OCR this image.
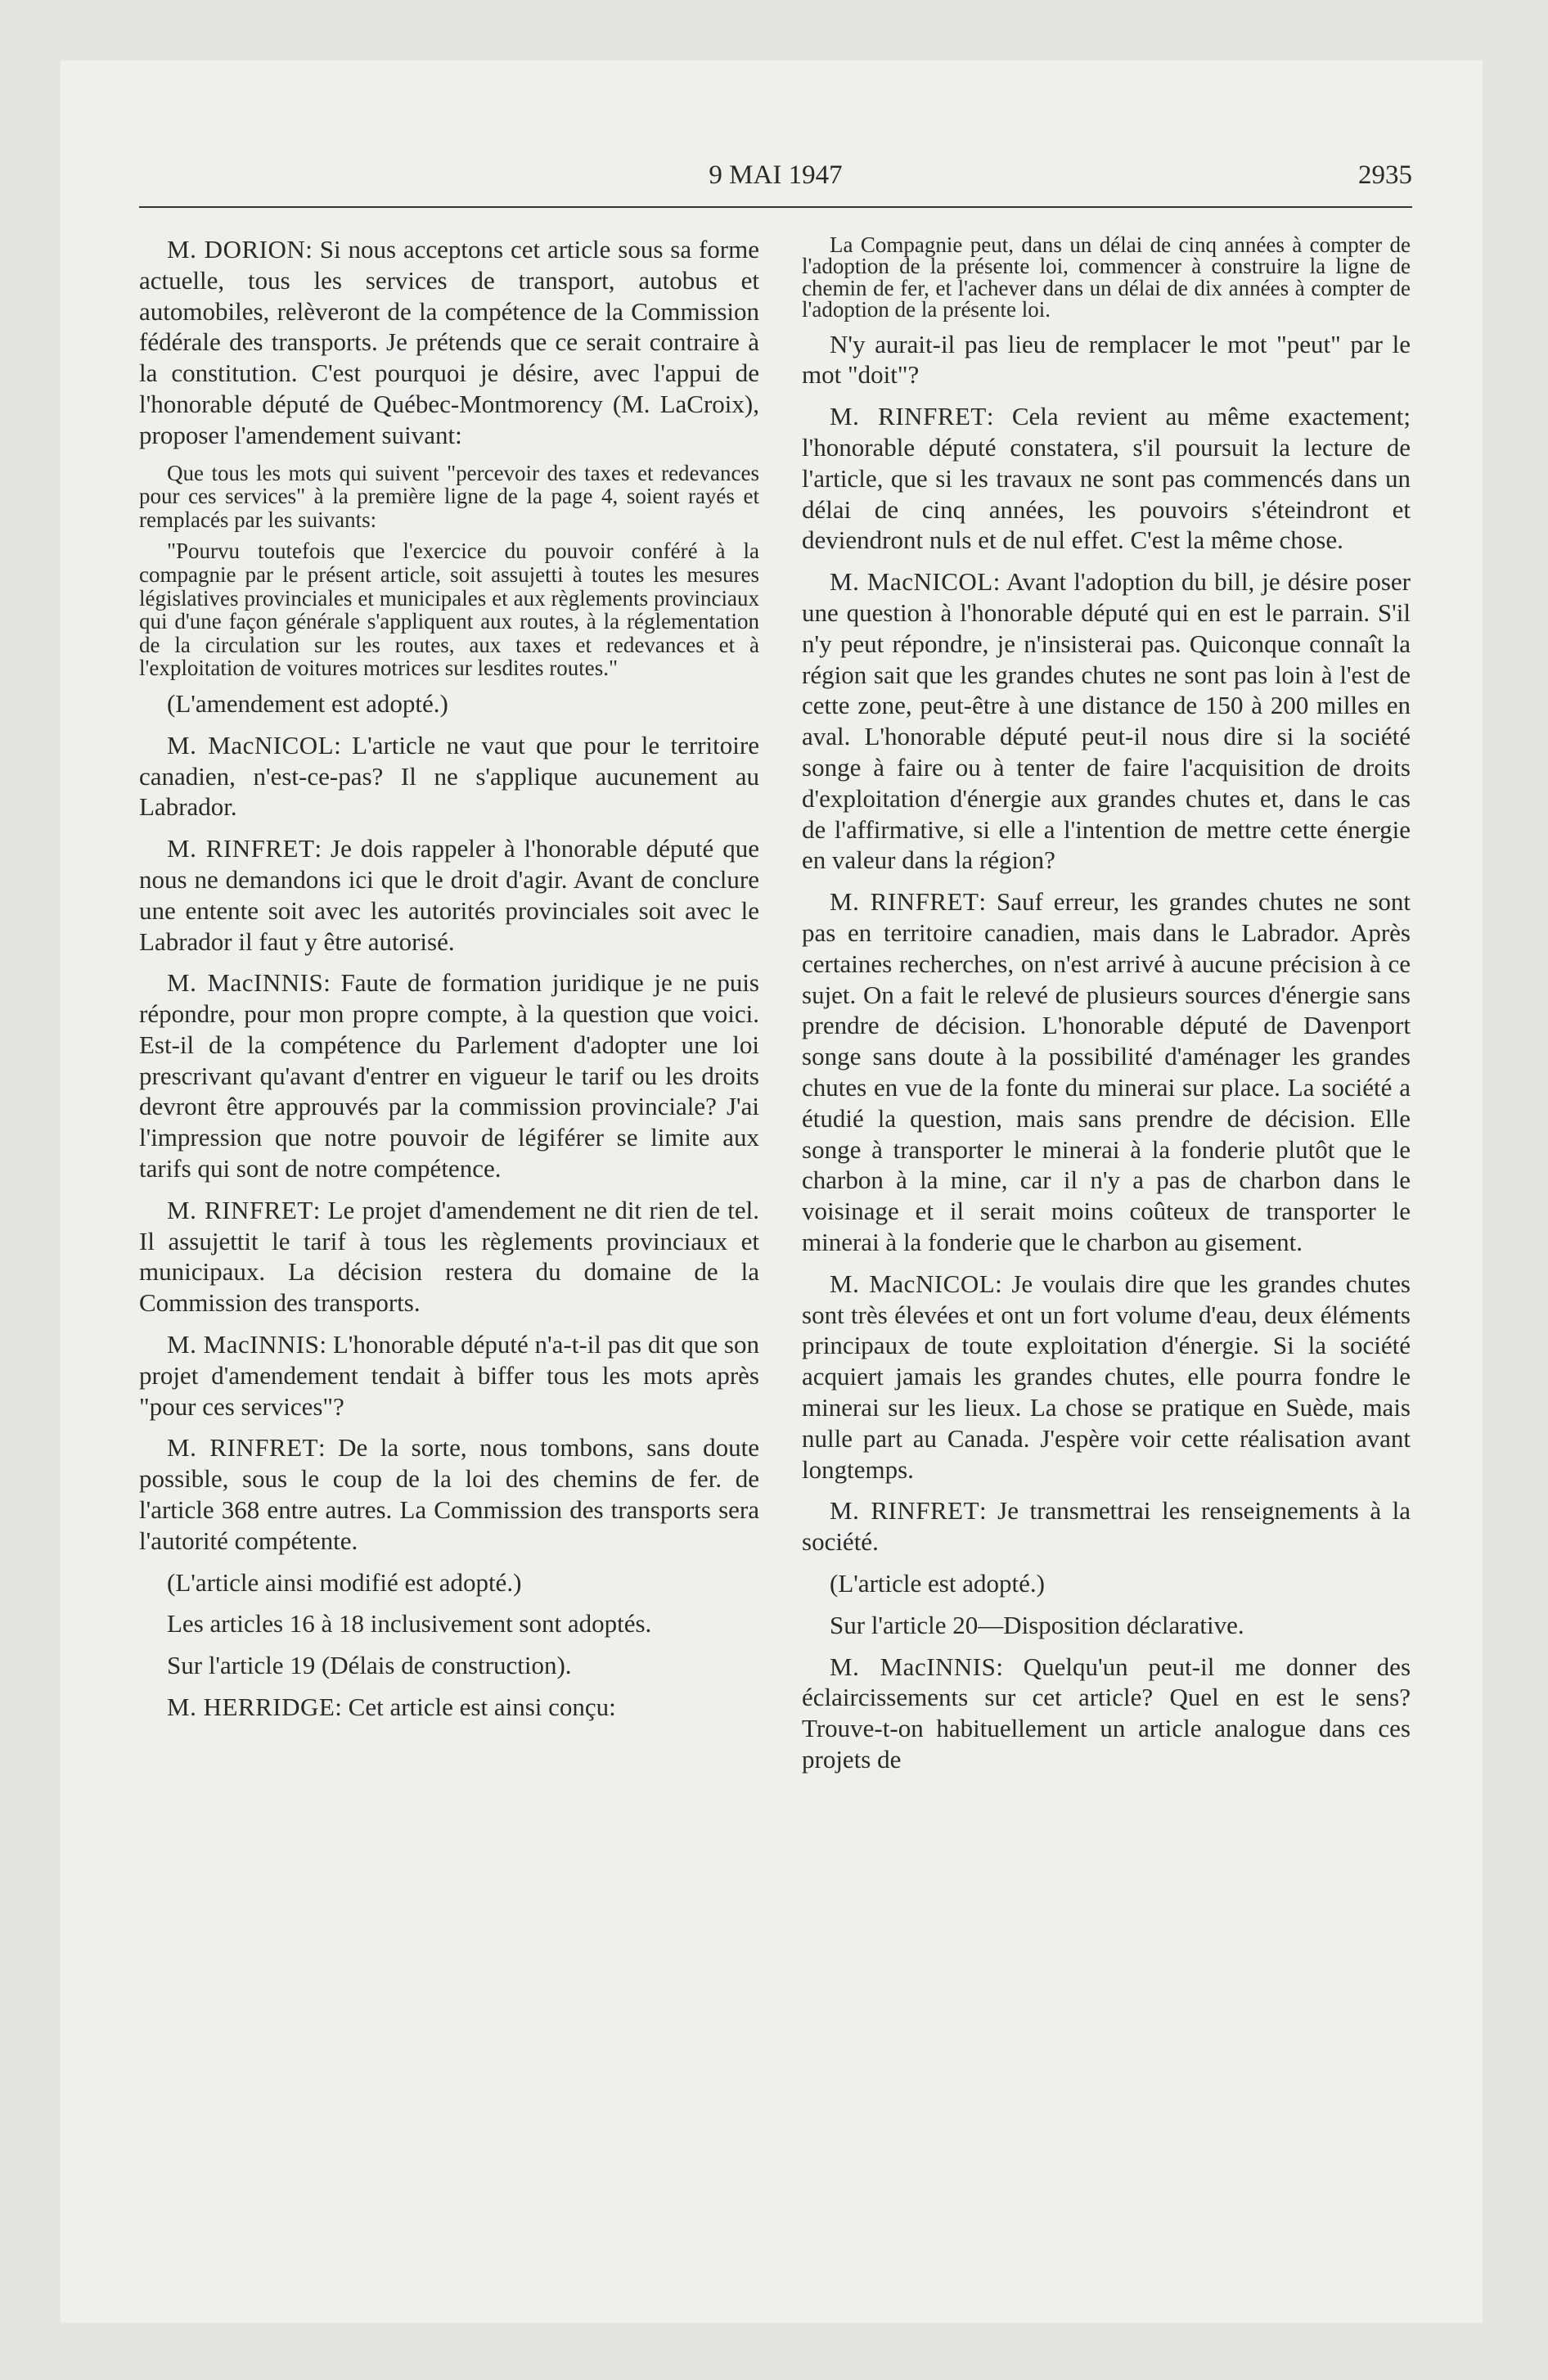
9 MAI 1947	2935

M. DORION: Si nous acceptons cet article sous sa forme actuelle, tous les services de transport, autobus et automobiles, relèveront de la compétence de la Commission fédérale des transports. Je prétends que ce serait contraire à la constitution. C'est pourquoi je désire, avec l'appui de l'honorable député de Québec-Montmorency (M. LaCroix), proposer l'amendement suivant:

Que tous les mots qui suivent "percevoir des taxes et redevances pour ces services" à la première ligne de la page 4, soient rayés et remplacés par les suivants:

"Pourvu toutefois que l'exercice du pouvoir conféré à la compagnie par le présent article, soit assujetti à toutes les mesures législatives provinciales et municipales et aux règlements provinciaux qui d'une façon générale s'appliquent aux routes, à la réglementation de la circulation sur les routes, aux taxes et redevances et à l'exploitation de voitures motrices sur lesdites routes."

(L'amendement est adopté.)

M. MacNICOL: L'article ne vaut que pour le territoire canadien, n'est-ce-pas? Il ne s'applique aucunement au Labrador.

M. RINFRET: Je dois rappeler à l'honorable député que nous ne demandons ici que le droit d'agir. Avant de conclure une entente soit avec les autorités provinciales soit avec le Labrador il faut y être autorisé.

M. MacINNIS: Faute de formation juridique je ne puis répondre, pour mon propre compte, à la question que voici. Est-il de la compétence du Parlement d'adopter une loi prescrivant qu'avant d'entrer en vigueur le tarif ou les droits devront être approuvés par la commission provinciale? J'ai l'impression que notre pouvoir de légiférer se limite aux tarifs qui sont de notre compétence.

M. RINFRET: Le projet d'amendement ne dit rien de tel. Il assujettit le tarif à tous les règlements provinciaux et municipaux. La décision restera du domaine de la Commission des transports.

M. MacINNIS: L'honorable député n'a-t-il pas dit que son projet d'amendement tendait à biffer tous les mots après "pour ces services"?

M. RINFRET: De la sorte, nous tombons, sans doute possible, sous le coup de la loi des chemins de fer. de l'article 368 entre autres. La Commission des transports sera l'autorité compétente.

(L'article ainsi modifié est adopté.)

Les articles 16 à 18 inclusivement sont adoptés.

Sur l'article 19 (Délais de construction).

M. HERRIDGE: Cet article est ainsi conçu:

La Compagnie peut, dans un délai de cinq années à compter de l'adoption de la présente loi, commencer à construire la ligne de chemin de fer, et l'achever dans un délai de dix années à compter de l'adoption de la présente loi.

N'y aurait-il pas lieu de remplacer le mot "peut" par le mot "doit"?

M. RINFRET: Cela revient au même exactement; l'honorable député constatera, s'il poursuit la lecture de l'article, que si les travaux ne sont pas commencés dans un délai de cinq années, les pouvoirs s'éteindront et deviendront nuls et de nul effet. C'est la même chose.

M. MacNICOL: Avant l'adoption du bill, je désire poser une question à l'honorable député qui en est le parrain. S'il n'y peut répondre, je n'insisterai pas. Quiconque connaît la région sait que les grandes chutes ne sont pas loin à l'est de cette zone, peut-être à une distance de 150 à 200 milles en aval. L'honorable député peut-il nous dire si la société songe à faire ou à tenter de faire l'acquisition de droits d'exploitation d'énergie aux grandes chutes et, dans le cas de l'affirmative, si elle a l'intention de mettre cette énergie en valeur dans la région?

M. RINFRET: Sauf erreur, les grandes chutes ne sont pas en territoire canadien, mais dans le Labrador. Après certaines recherches, on n'est arrivé à aucune précision à ce sujet. On a fait le relevé de plusieurs sources d'énergie sans prendre de décision. L'honorable député de Davenport songe sans doute à la possibilité d'aménager les grandes chutes en vue de la fonte du minerai sur place. La société a étudié la question, mais sans prendre de décision. Elle songe à transporter le minerai à la fonderie plutôt que le charbon à la mine, car il n'y a pas de charbon dans le voisinage et il serait moins coûteux de transporter le minerai à la fonderie que le charbon au gisement.

M. MacNICOL: Je voulais dire que les grandes chutes sont très élevées et ont un fort volume d'eau, deux éléments principaux de toute exploitation d'énergie. Si la société acquiert jamais les grandes chutes, elle pourra fondre le minerai sur les lieux. La chose se pratique en Suède, mais nulle part au Canada. J'espère voir cette réalisation avant longtemps.

M. RINFRET: Je transmettrai les renseignements à la société.

(L'article est adopté.)

Sur l'article 20—Disposition déclarative.

M. MacINNIS: Quelqu'un peut-il me donner des éclaircissements sur cet article? Quel en est le sens? Trouve-t-on habituellement un article analogue dans ces projets de
